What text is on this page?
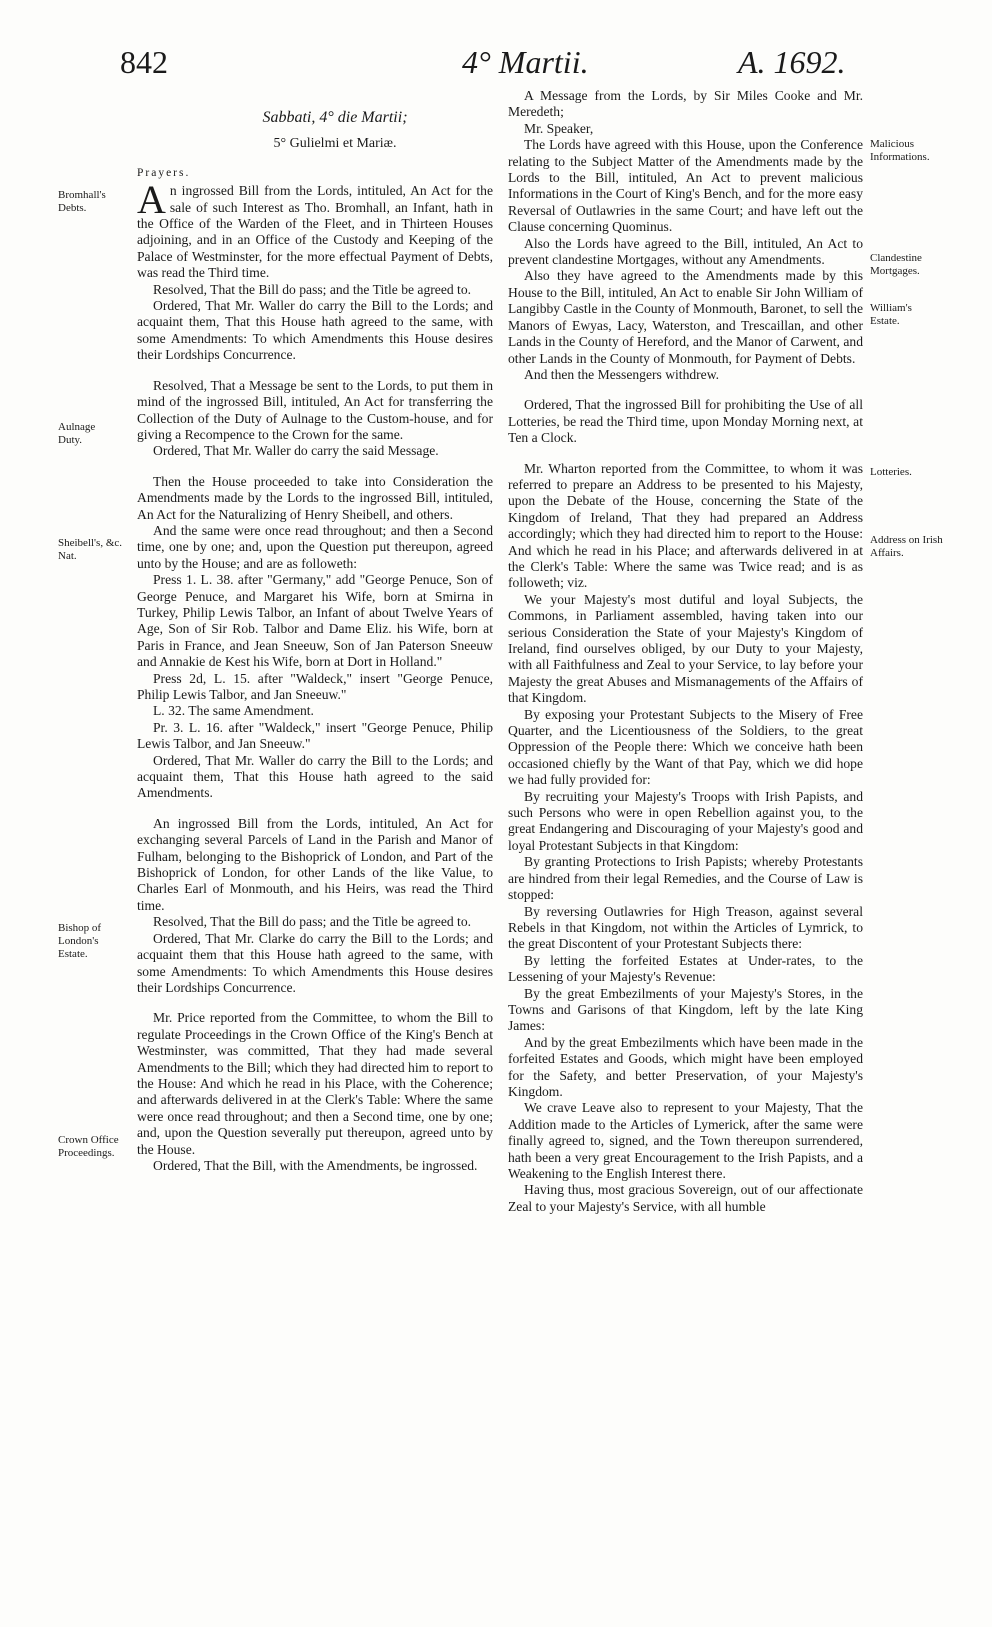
842	4° Martii.	A. 1692.
Bromhall's Debts.
Aulnage Duty.
Sheibell's, &c. Nat.
Bishop of London's Estate.
Crown Office Proceedings.
Malicious Informations.
Clandestine Mortgages.
William's Estate.
Lotteries.
Address on Irish Affairs.

Sabbati, 4° die Martii;

5° Gulielmi et Mariæ.

Prayers.

An ingrossed Bill from the Lords, intituled, An Act for the sale of such Interest as Tho. Bromhall, an Infant, hath in the Office of the Warden of the Fleet, and in Thirteen Houses adjoining, and in an Office of the Custody and Keeping of the Palace of Westminster, for the more effectual Payment of Debts, was read the Third time.

Resolved, That the Bill do pass; and the Title be agreed to.

Ordered, That Mr. Waller do carry the Bill to the Lords; and acquaint them, That this House hath agreed to the same, with some Amendments: To which Amendments this House desires their Lordships Concurrence.

Resolved, That a Message be sent to the Lords, to put them in mind of the ingrossed Bill, intituled, An Act for transferring the Collection of the Duty of Aulnage to the Custom-house, and for giving a Recompence to the Crown for the same.

Ordered, That Mr. Waller do carry the said Message.

Then the House proceeded to take into Consideration the Amendments made by the Lords to the ingrossed Bill, intituled, An Act for the Naturalizing of Henry Sheibell, and others.

And the same were once read throughout; and then a Second time, one by one; and, upon the Question put thereupon, agreed unto by the House; and are as followeth:

Press 1. L. 38. after "Germany," add "George Penuce, Son of George Penuce, and Margaret his Wife, born at Smirna in Turkey, Philip Lewis Talbor, an Infant of about Twelve Years of Age, Son of Sir Rob. Talbor and Dame Eliz. his Wife, born at Paris in France, and Jean Sneeuw, Son of Jan Paterson Sneeuw and Annakie de Kest his Wife, born at Dort in Holland."

Press 2d, L. 15. after "Waldeck," insert "George Penuce, Philip Lewis Talbor, and Jan Sneeuw."

L. 32. The same Amendment.

Pr. 3. L. 16. after "Waldeck," insert "George Penuce, Philip Lewis Talbor, and Jan Sneeuw."

Ordered, That Mr. Waller do carry the Bill to the Lords; and acquaint them, That this House hath agreed to the said Amendments.

An ingrossed Bill from the Lords, intituled, An Act for exchanging several Parcels of Land in the Parish and Manor of Fulham, belonging to the Bishoprick of London, and Part of the Bishoprick of London, for other Lands of the like Value, to Charles Earl of Monmouth, and his Heirs, was read the Third time.

Resolved, That the Bill do pass; and the Title be agreed to.

Ordered, That Mr. Clarke do carry the Bill to the Lords; and acquaint them that this House hath agreed to the same, with some Amendments: To which Amendments this House desires their Lordships Concurrence.

Mr. Price reported from the Committee, to whom the Bill to regulate Proceedings in the Crown Office of the King's Bench at Westminster, was committed, That they had made several Amendments to the Bill; which they had directed him to report to the House: And which he read in his Place, with the Coherence; and afterwards delivered in at the Clerk's Table: Where the same were once read throughout; and then a Second time, one by one; and, upon the Question severally put thereupon, agreed unto by the House.

Ordered, That the Bill, with the Amendments, be ingrossed.

A Message from the Lords, by Sir Miles Cooke and Mr. Meredeth;

Mr. Speaker,

The Lords have agreed with this House, upon the Conference relating to the Subject Matter of the Amendments made by the Lords to the Bill, intituled, An Act to prevent malicious Informations in the Court of King's Bench, and for the more easy Reversal of Outlawries in the same Court; and have left out the Clause concerning Quominus.

Also the Lords have agreed to the Bill, intituled, An Act to prevent clandestine Mortgages, without any Amendments.

Also they have agreed to the Amendments made by this House to the Bill, intituled, An Act to enable Sir John William of Langibby Castle in the County of Monmouth, Baronet, to sell the Manors of Ewyas, Lacy, Waterston, and Trescaillan, and other Lands in the County of Hereford, and the Manor of Carwent, and other Lands in the County of Monmouth, for Payment of Debts.

And then the Messengers withdrew.

Ordered, That the ingrossed Bill for prohibiting the Use of all Lotteries, be read the Third time, upon Monday Morning next, at Ten a Clock.

Mr. Wharton reported from the Committee, to whom it was referred to prepare an Address to be presented to his Majesty, upon the Debate of the House, concerning the State of the Kingdom of Ireland, That they had prepared an Address accordingly; which they had directed him to report to the House: And which he read in his Place; and afterwards delivered in at the Clerk's Table: Where the same was Twice read; and is as followeth; viz.

We your Majesty's most dutiful and loyal Subjects, the Commons, in Parliament assembled, having taken into our serious Consideration the State of your Majesty's Kingdom of Ireland, find ourselves obliged, by our Duty to your Majesty, with all Faithfulness and Zeal to your Service, to lay before your Majesty the great Abuses and Mismanagements of the Affairs of that Kingdom.

By exposing your Protestant Subjects to the Misery of Free Quarter, and the Licentiousness of the Soldiers, to the great Oppression of the People there: Which we conceive hath been occasioned chiefly by the Want of that Pay, which we did hope we had fully provided for:

By recruiting your Majesty's Troops with Irish Papists, and such Persons who were in open Rebellion against you, to the great Endangering and Discouraging of your Majesty's good and loyal Protestant Subjects in that Kingdom:

By granting Protections to Irish Papists; whereby Protestants are hindred from their legal Remedies, and the Course of Law is stopped:

By reversing Outlawries for High Treason, against several Rebels in that Kingdom, not within the Articles of Lymrick, to the great Discontent of your Protestant Subjects there:

By letting the forfeited Estates at Under-rates, to the Lessening of your Majesty's Revenue:

By the great Embezilments of your Majesty's Stores, in the Towns and Garisons of that Kingdom, left by the late King James:

And by the great Embezilments which have been made in the forfeited Estates and Goods, which might have been employed for the Safety, and better Preservation, of your Majesty's Kingdom.

We crave Leave also to represent to your Majesty, That the Addition made to the Articles of Lymerick, after the same were finally agreed to, signed, and the Town thereupon surrendered, hath been a very great Encouragement to the Irish Papists, and a Weakening to the English Interest there.

Having thus, most gracious Sovereign, out of our affectionate Zeal to your Majesty's Service, with all humble
